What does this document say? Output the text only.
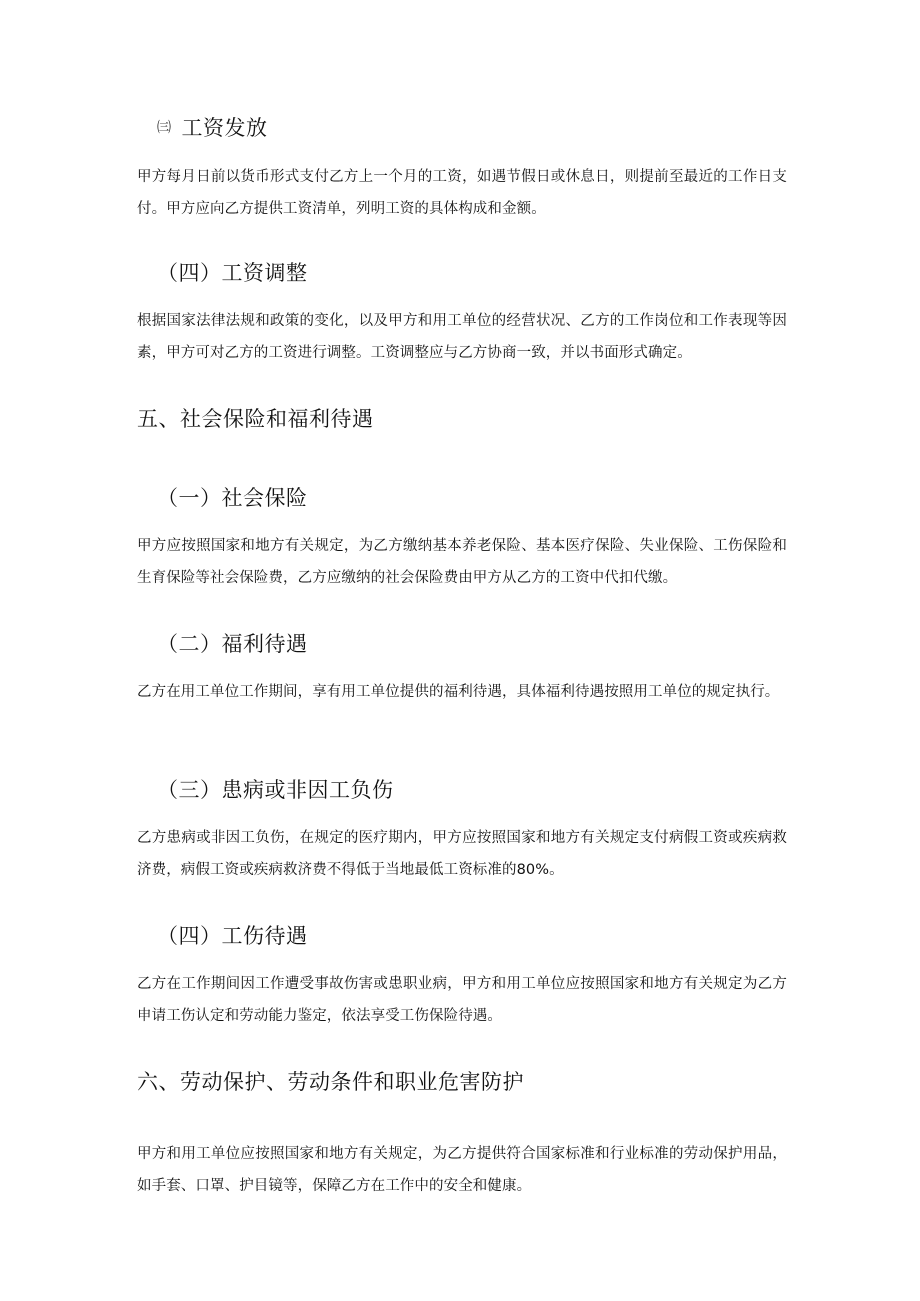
㈢ 工资发放

甲方每月日前以货币形式支付乙方上一个月的工资，如遇节假日或休息日，则提前至最近的工作日支付。甲方应向乙方提供工资清单，列明工资的具体构成和金额。

（四）工资调整

根据国家法律法规和政策的变化，以及甲方和用工单位的经营状况、乙方的工作岗位和工作表现等因素，甲方可对乙方的工资进行调整。工资调整应与乙方协商一致，并以书面形式确定。

五、社会保险和福利待遇
（一）社会保险

甲方应按照国家和地方有关规定，为乙方缴纳基本养老保险、基本医疗保险、失业保险、工伤保险和生育保险等社会保险费，乙方应缴纳的社会保险费由甲方从乙方的工资中代扣代缴。

（二）福利待遇

乙方在用工单位工作期间，享有用工单位提供的福利待遇，具体福利待遇按照用工单位的规定执行。

（三）患病或非因工负伤

乙方患病或非因工负伤，在规定的医疗期内，甲方应按照国家和地方有关规定支付病假工资或疾病救济费，病假工资或疾病救济费不得低于当地最低工资标准的80%。

（四）工伤待遇

乙方在工作期间因工作遭受事故伤害或患职业病，甲方和用工单位应按照国家和地方有关规定为乙方申请工伤认定和劳动能力鉴定，依法享受工伤保险待遇。

六、劳动保护、劳动条件和职业危害防护

甲方和用工单位应按照国家和地方有关规定，为乙方提供符合国家标准和行业标准的劳动保护用品，如手套、口罩、护目镜等，保障乙方在工作中的安全和健康。
